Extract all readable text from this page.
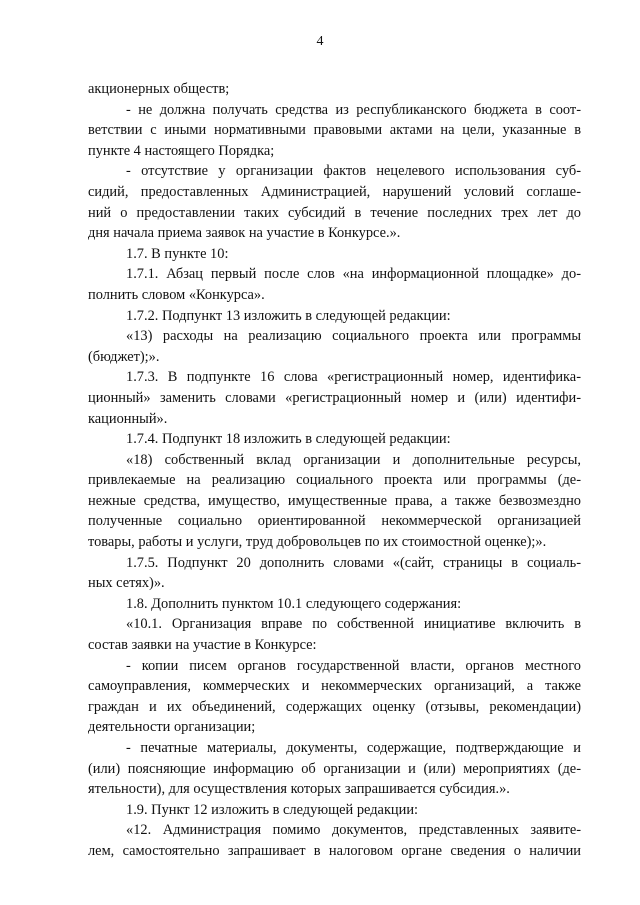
4
акционерных обществ;
- не должна получать средства из республиканского бюджета в соот-
ветствии с иными нормативными правовыми актами на цели, указанные в
пункте 4 настоящего Порядка;
- отсутствие у организации фактов нецелевого использования суб-
сидий, предоставленных Администрацией, нарушений условий соглаше-
ний о предоставлении таких субсидий в течение последних трех лет до
дня начала приема заявок на участие в Конкурсе.».
1.7. В пункте 10:
1.7.1. Абзац первый после слов «на информационной площадке» до-
полнить словом «Конкурса».
1.7.2. Подпункт 13 изложить в следующей редакции:
«13) расходы на реализацию социального проекта или программы
(бюджет);».
1.7.3. В подпункте 16 слова «регистрационный номер, идентифика-
ционный» заменить словами «регистрационный номер и (или) идентифи-
кационный».
1.7.4. Подпункт 18 изложить в следующей редакции:
«18) собственный вклад организации и дополнительные ресурсы,
привлекаемые на реализацию социального проекта или программы (де-
нежные средства, имущество, имущественные права, а также безвозмездно
полученные социально ориентированной некоммерческой организацией
товары, работы и услуги, труд добровольцев по их стоимостной оценке);».
1.7.5. Подпункт 20 дополнить словами «(сайт, страницы в социаль-
ных сетях)».
1.8. Дополнить пунктом 10.1 следующего содержания:
«10.1. Организация вправе по собственной инициативе включить в
состав заявки на участие в Конкурсе:
- копии писем органов государственной власти, органов местного
самоуправления, коммерческих и некоммерческих организаций, а также
граждан и их объединений, содержащих оценку (отзывы, рекомендации)
деятельности организации;
- печатные материалы, документы, содержащие, подтверждающие и
(или) поясняющие информацию об организации и (или) мероприятиях (де-
ятельности), для осуществления которых запрашивается субсидия.».
1.9. Пункт 12 изложить в следующей редакции:
«12. Администрация помимо документов, представленных заявите-
лем, самостоятельно запрашивает в налоговом органе сведения о наличии
